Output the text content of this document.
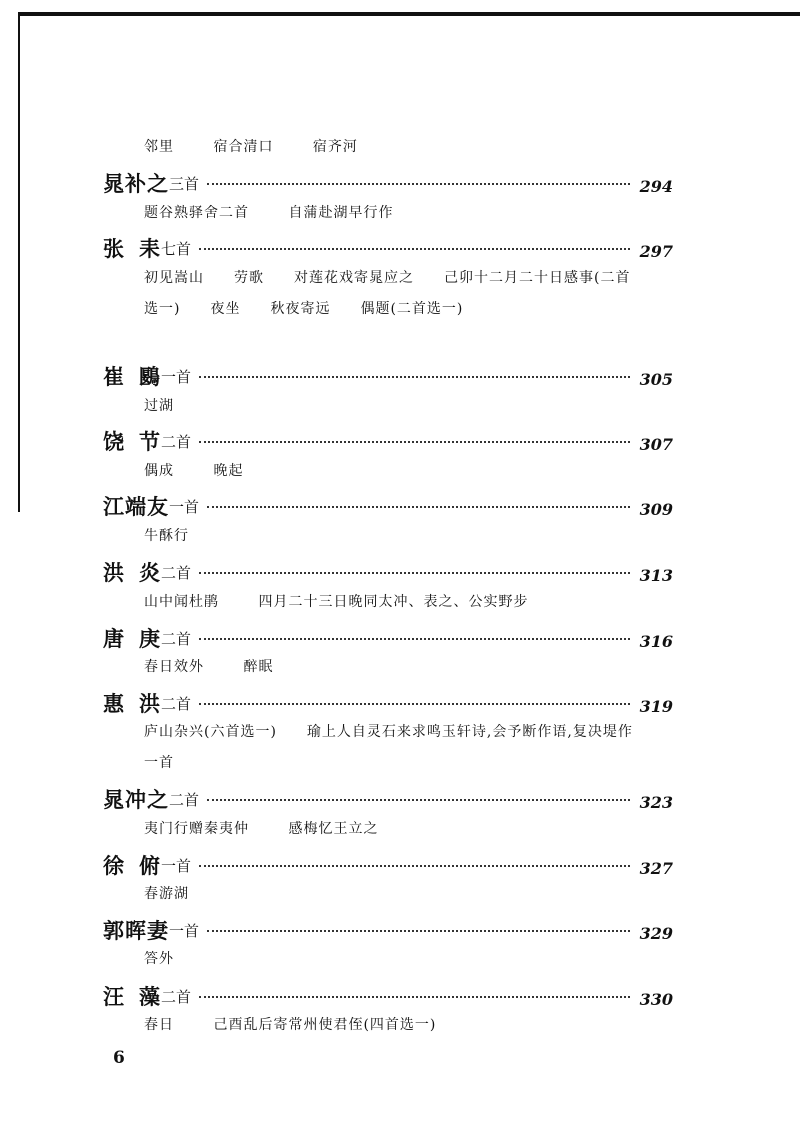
邻里	宿合清口	宿齐河
晁补之 三首	294
题谷熟驿舍二首	自蒲赴湖早行作
张 耒 七首	297
初见嵩山　　劳歌　　对莲花戏寄晁应之　　己卯十二月二十日感事(二首选一)　　夜坐　　秋夜寄远　　偶题(二首选一)
崔 鶠 一首	305
过湖
饶 节 二首	307
偶成	晚起
江端友 一首	309
牛酥行
洪 炎 二首	313
山中闻杜鹃	四月二十三日晚同太冲、表之、公实野步
唐 庚 二首	316
春日效外	醉眠
惠 洪 二首	319
庐山杂兴(六首选一)　　瑜上人自灵石来求鸣玉轩诗,会予断作语,复决堤作一首
晁冲之 二首	323
夷门行赠秦夷仲	感梅忆王立之
徐 俯 一首	327
春游湖
郭晖妻 一首	329
答外
汪 藻 二首	330
春日	己酉乱后寄常州使君侄(四首选一)
6
